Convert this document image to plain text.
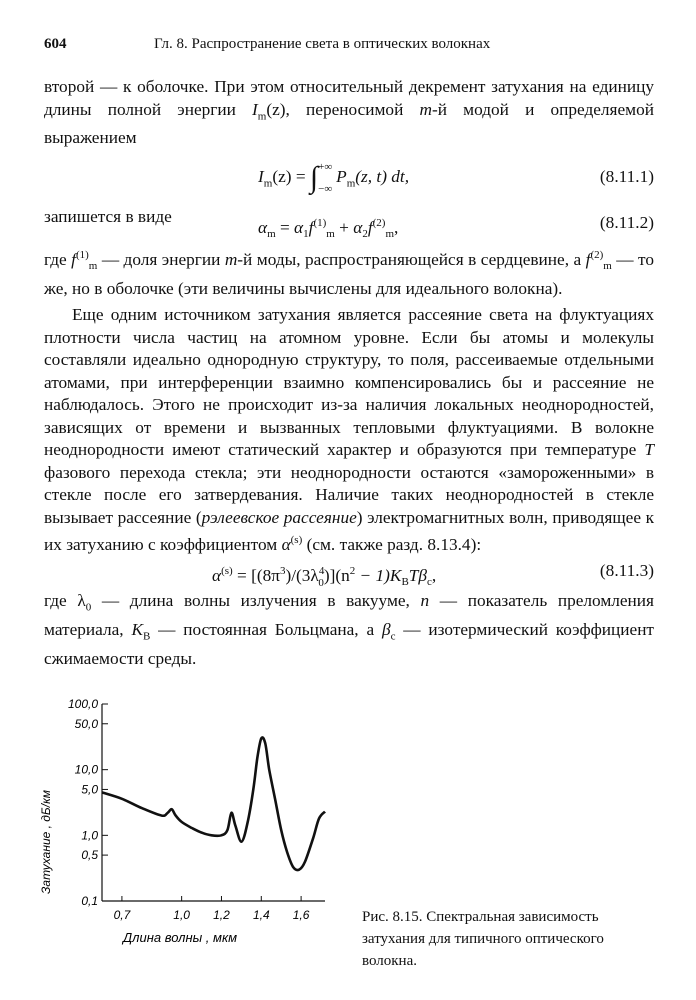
604	Гл. 8. Распространение света в оптических волокнах

второй — к оболочке. При этом относительный декремент затухания на единицу длины полной энергии $I_m(z)$, переносимой m-й модой и определяемой выражением

$I_m(z)$ = ∫+∞
$-\infty P_m(z$, t) dt,	(8.11.1)
запишется в виде
$\alpha_m = \alpha_1f^{(1)}_m + \alpha_2f^{(2)}_m$,	(8.11.2)

где $f^{(1)}_m$ — доля энергии m-й моды, распространяющейся в сердцевине, а $f^{(2)}_m$ — то же, но в оболочке (эти величины вычислены для идеального волокна).

Еще одним источником затухания является рассеяние света на флуктуациях плотности числа частиц на атомном уровне. Если бы атомы и молекулы составляли идеально однородную структуру, то поля, рассеиваемые отдельными атомами, при интерференции взаимно компенсировались бы и рассеяние не наблюдалось. Этого не происходит из-за наличия локальных неоднородностей, зависящих от времени и вызванных тепловыми флуктуациями. В волокне неоднородности имеют статический характер и образуются при температуре T фазового перехода стекла; эти неоднородности остаются «замороженными» в стекле после его затвердевания. Наличие таких неоднородностей в стекле вызывает рассеяние (рэлеевское рассеяние) электромагнитных волн, приводящее к их затуханию с коэффициентом $\alpha^{(s)}$ (см. также разд. 8.13.4):

$\alpha^{(s)} = [(8\pi^3)/(3\lambda^4_0)](n^2 - 1)K_BT\beta_c$,	(8.11.3)

где $\lambda_0$ — длина волны излучения в вакууме, n — показатель преломления материала, $K_B$ — постоянная Больцмана, а $\beta_c$ — изотермический коэффициент сжимаемости среды.

100,0
50,0
10,0
5,0
1,0
0,5
0,1
0,7	1,0 1,2 1,4 1,6
Затухание , дБ/км
Длина волны , мкм
Рис. 8.15. Спектральная зависимость затухания для типичного оптического волокна.
